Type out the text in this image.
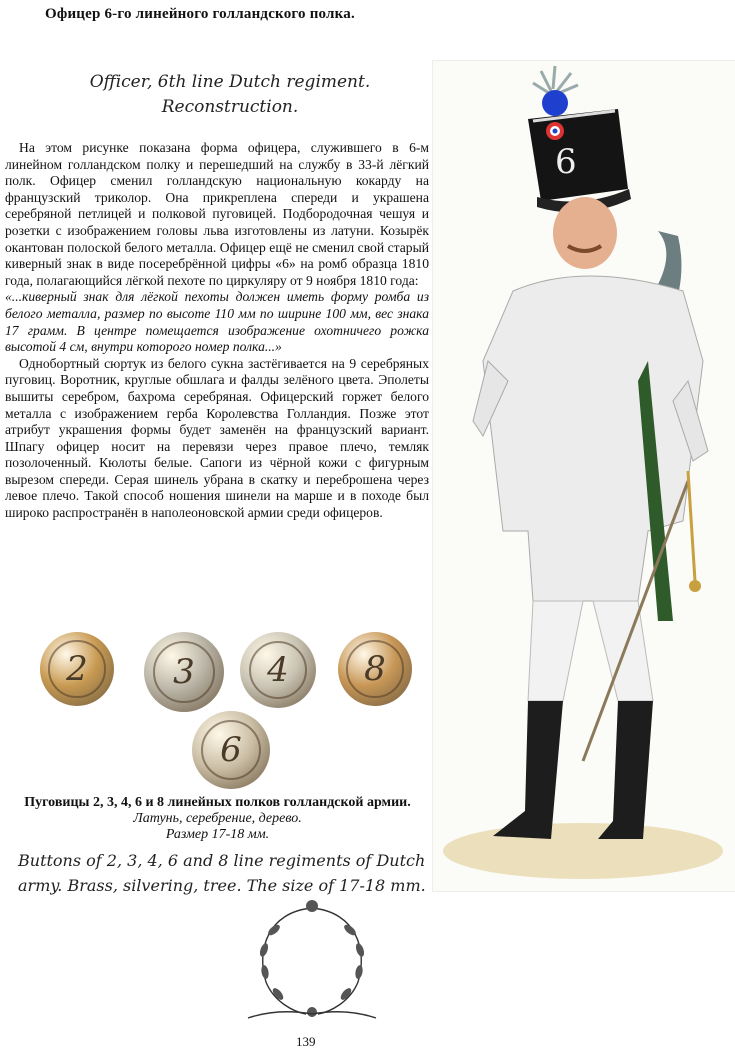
Офицер 6-го линейного голландского полка.
Officer, 6th line Dutch regiment.
Reconstruction.

На этом рисунке показана форма офицера, служившего в 6-м линейном голландском полку и перешедший на службу в 33-й лёгкий полк. Офицер сменил голландскую национальную кокарду на французский триколор. Она прикреплена спереди и украшена серебряной петлицей и полковой пуговицей. Подбородочная чешуя и розетки с изображением головы льва изготовлены из латуни. Козырёк окантован полоской белого металла. Офицер ещё не сменил свой старый киверный знак в виде посеребрённой цифры «6» на ромб образца 1810 года, полагающийся лёгкой пехоте по циркуляру от 9 ноября 1810 года:

«...киверный знак для лёгкой пехоты должен иметь форму ромба из белого металла, размер по высоте 110 мм по ширине 100 мм, вес знака 17 грамм. В центре помещается изображение охотничего рожка высотой 4 см, внутри которого номер полка...»

Однобортный сюртук из белого сукна застёгивается на 9 серебряных пуговиц. Воротник, круглые обшлага и фалды зелёного цвета. Эполеты вышиты серебром, бахрома серебряная. Офицерский горжет белого металла с изображением герба Королевства Голландия. Позже этот атрибут украшения формы будет заменён на французский вариант. Шпагу офицер носит на перевязи через правое плечо, темляк позолоченный. Кюлоты белые. Сапоги из чёрной кожи с фигурным вырезом спереди. Серая шинель убрана в скатку и переброшена через левое плечо. Такой способ ношения шинели на марше и в походе был широко распространён в наполеоновской армии среди офицеров.

6
2	3	4	8
6
Пуговицы 2, 3, 4, 6 и 8 линейных полков голландской армии. Латунь, серебрение, дерево.
Размер 17-18 мм.
Buttons of 2, 3, 4, 6 and 8 line regiments of Dutch
army. Brass, silvering, tree. The size of 17-18 mm.
139
